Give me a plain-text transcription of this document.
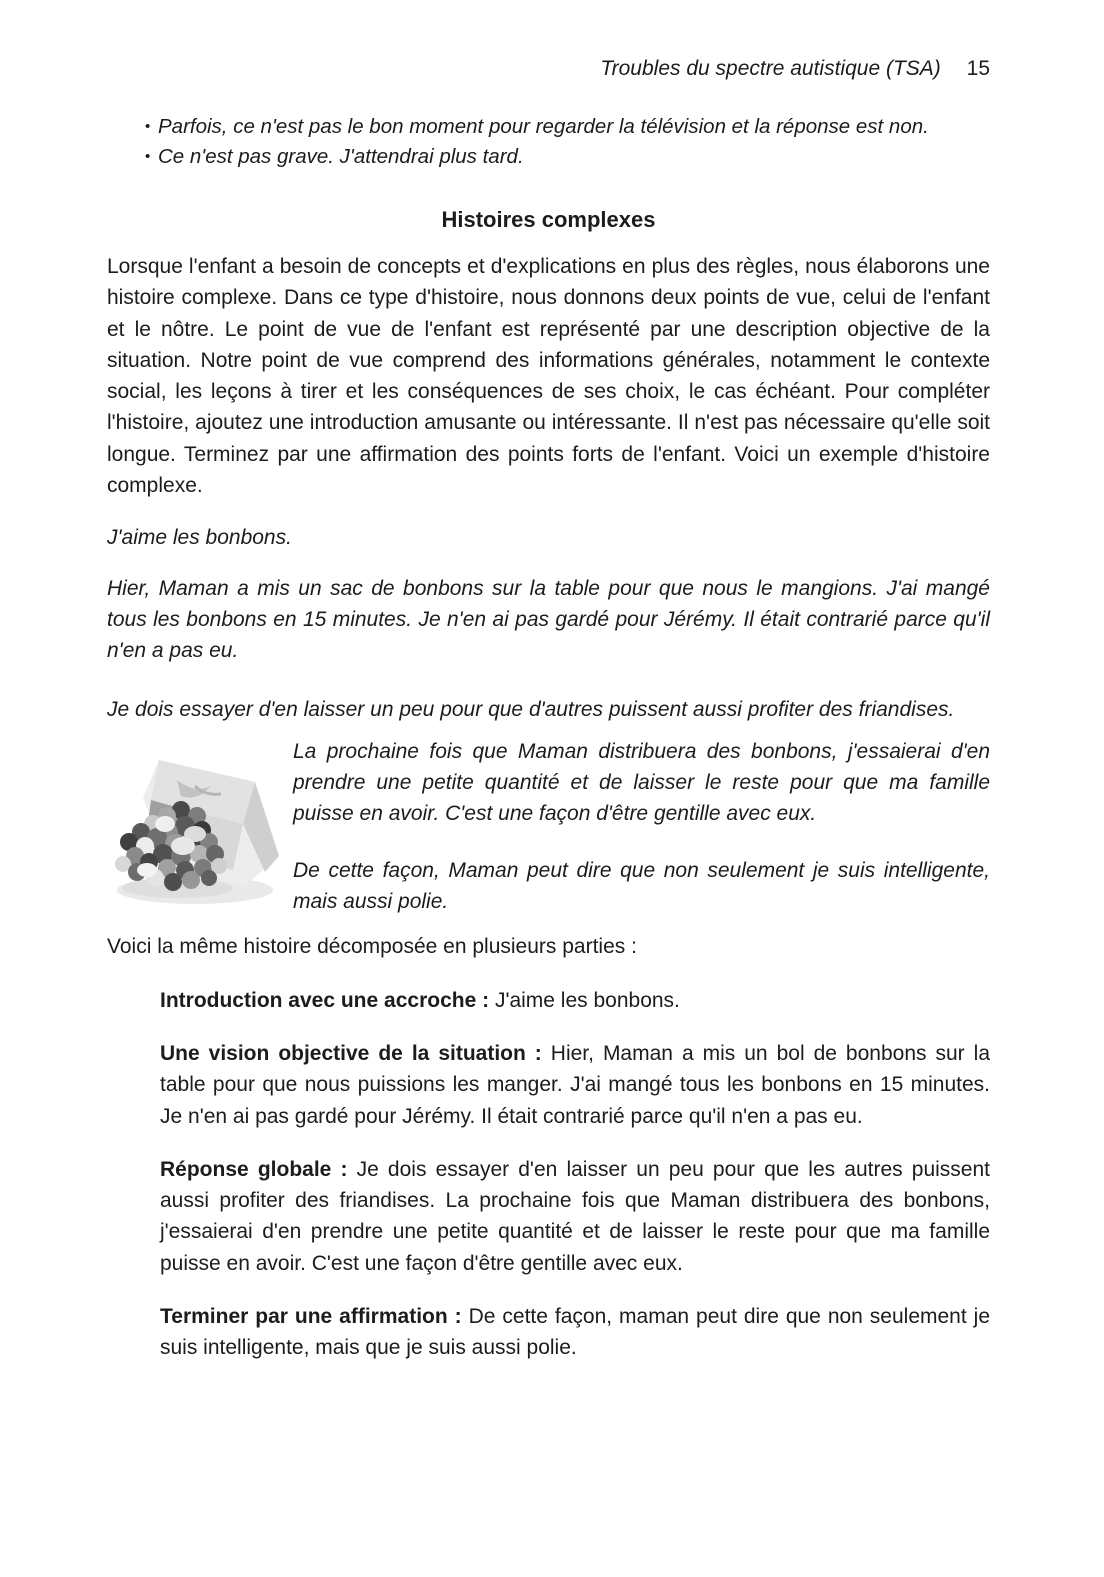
Troubles du spectre autistique (TSA) 15
• Parfois, ce n'est pas le bon moment pour regarder la télévision et la réponse est non.
• Ce n'est pas grave. J'attendrai plus tard.
Histoires complexes

Lorsque l'enfant a besoin de concepts et d'explications en plus des règles, nous élaborons une histoire complexe. Dans ce type d'histoire, nous donnons deux points de vue, celui de l'enfant et le nôtre. Le point de vue de l'enfant est représenté par une description objective de la situation. Notre point de vue comprend des informations générales, notamment le contexte social, les leçons à tirer et les conséquences de ses choix, le cas échéant. Pour compléter l'histoire, ajoutez une introduction amusante ou intéressante. Il n'est pas nécessaire qu'elle soit longue. Terminez par une affirmation des points forts de l'enfant. Voici un exemple d'histoire complexe.

J'aime les bonbons.

Hier, Maman a mis un sac de bonbons sur la table pour que nous le mangions. J'ai mangé tous les bonbons en 15 minutes. Je n'en ai pas gardé pour Jérémy. Il était contrarié parce qu'il n'en a pas eu.

Je dois essayer d'en laisser un peu pour que d'autres puissent aussi profiter des friandises.

La prochaine fois que Maman distribuera des bonbons, j'essaierai d'en prendre une petite quantité et de laisser le reste pour que ma famille puisse en avoir. C'est une façon d'être gentille avec eux.

De cette façon, Maman peut dire que non seulement je suis intelligente, mais aussi polie.

Voici la même histoire décomposée en plusieurs parties :

Introduction avec une accroche : J'aime les bonbons.

Une vision objective de la situation : Hier, Maman a mis un bol de bonbons sur la table pour que nous puissions les manger. J'ai mangé tous les bonbons en 15 minutes. Je n'en ai pas gardé pour Jérémy. Il était contrarié parce qu'il n'en a pas eu.

Réponse globale : Je dois essayer d'en laisser un peu pour que les autres puissent aussi profiter des friandises. La prochaine fois que Maman distribuera des bonbons, j'essaierai d'en prendre une petite quantité et de laisser le reste pour que ma famille puisse en avoir. C'est une façon d'être gentille avec eux.

Terminer par une affirmation : De cette façon, maman peut dire que non seulement je suis intelligente, mais que je suis aussi polie.
